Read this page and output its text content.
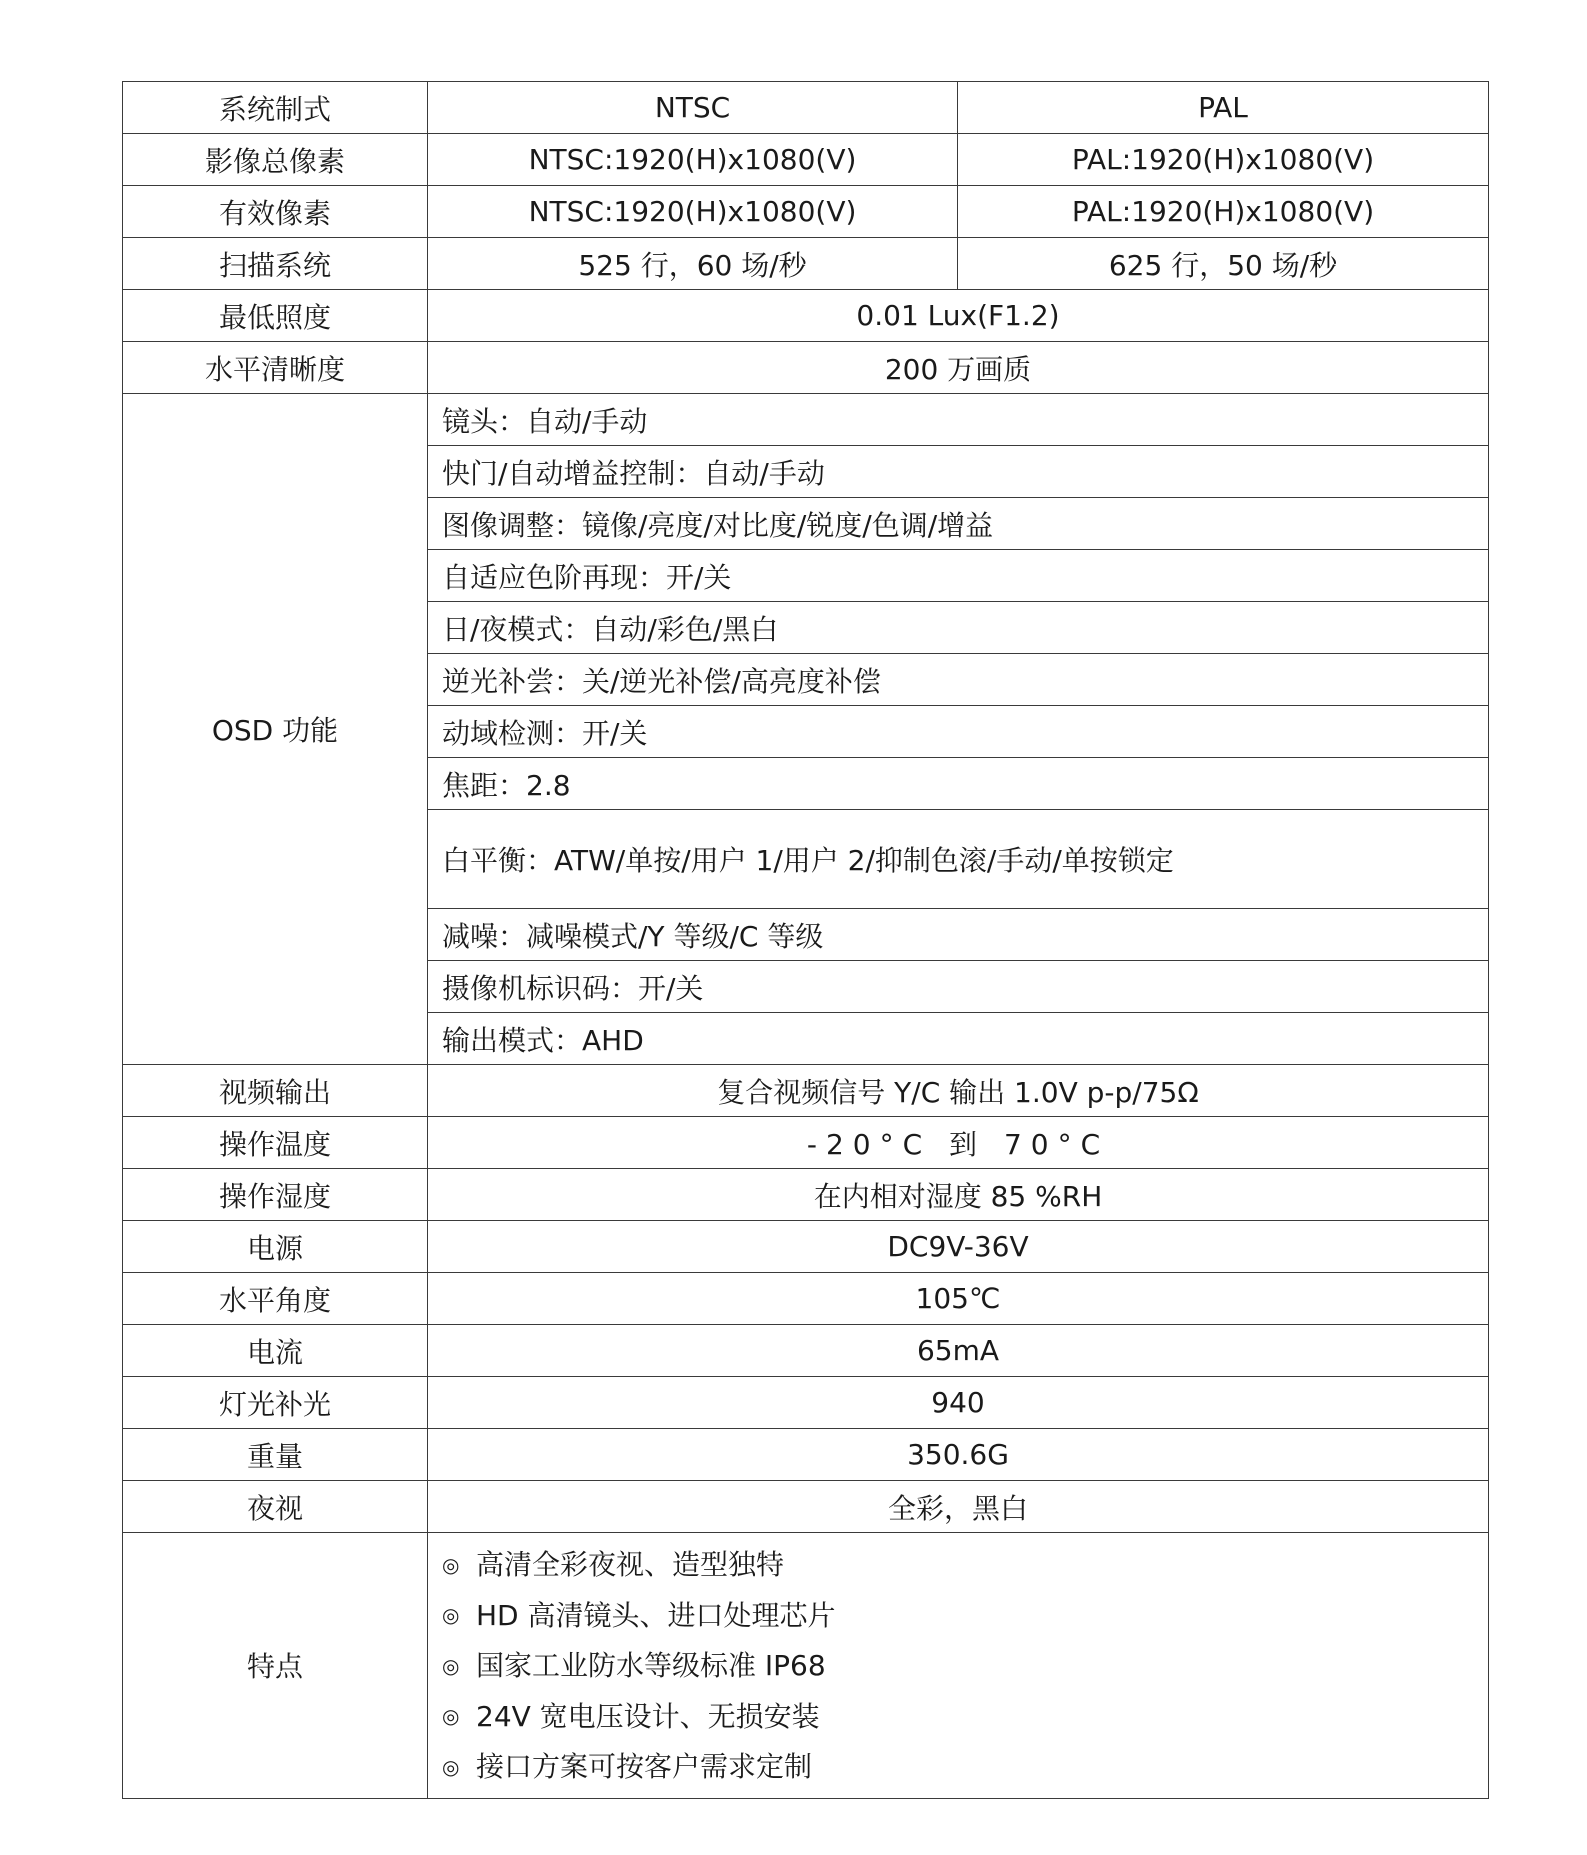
系统制式	NTSC	PAL
影像总像素	NTSC:1920(H)x1080(V)	PAL:1920(H)x1080(V)
有效像素	NTSC:1920(H)x1080(V)	PAL:1920(H)x1080(V)
扫描系统	525 行，60 场/秒	625 行，50 场/秒
最低照度	0.01 Lux(F1.2)	
水平清晰度	200 万画质	
OSD 功能	镜头：自动/手动	
	快门/自动增益控制：自动/手动	
	图像调整：镜像/亮度/对比度/锐度/色调/增益	
	自适应色阶再现：开/关	
	日/夜模式：自动/彩色/黑白	
	逆光补尝：关/逆光补偿/高亮度补偿	
	动域检测：开/关	
	焦距：2.8	
	白平衡：ATW/单按/用户 1/用户 2/抑制色滚/手动/单按锁定	
	减噪：减噪模式/Y 等级/C 等级	
	摄像机标识码：开/关	
	输出模式：AHD	
视频输出	复合视频信号 Y/C 输出 1.0V p-p/75Ω	
操作温度	-20°C 到 70°C	
操作湿度	在内相对湿度 85 %RH	
电源	DC9V-36V	
水平角度	105℃	
电流	65mA	
灯光补光	940	
重量	350.6G	
夜视	全彩，黑白	
特点	◎ 高清全彩夜视、造型独特
◎ HD 高清镜头、进口处理芯片
◎ 国家工业防水等级标准 IP68
◎ 24V 宽电压设计、无损安装
◎ 接口方案可按客户需求定制	
